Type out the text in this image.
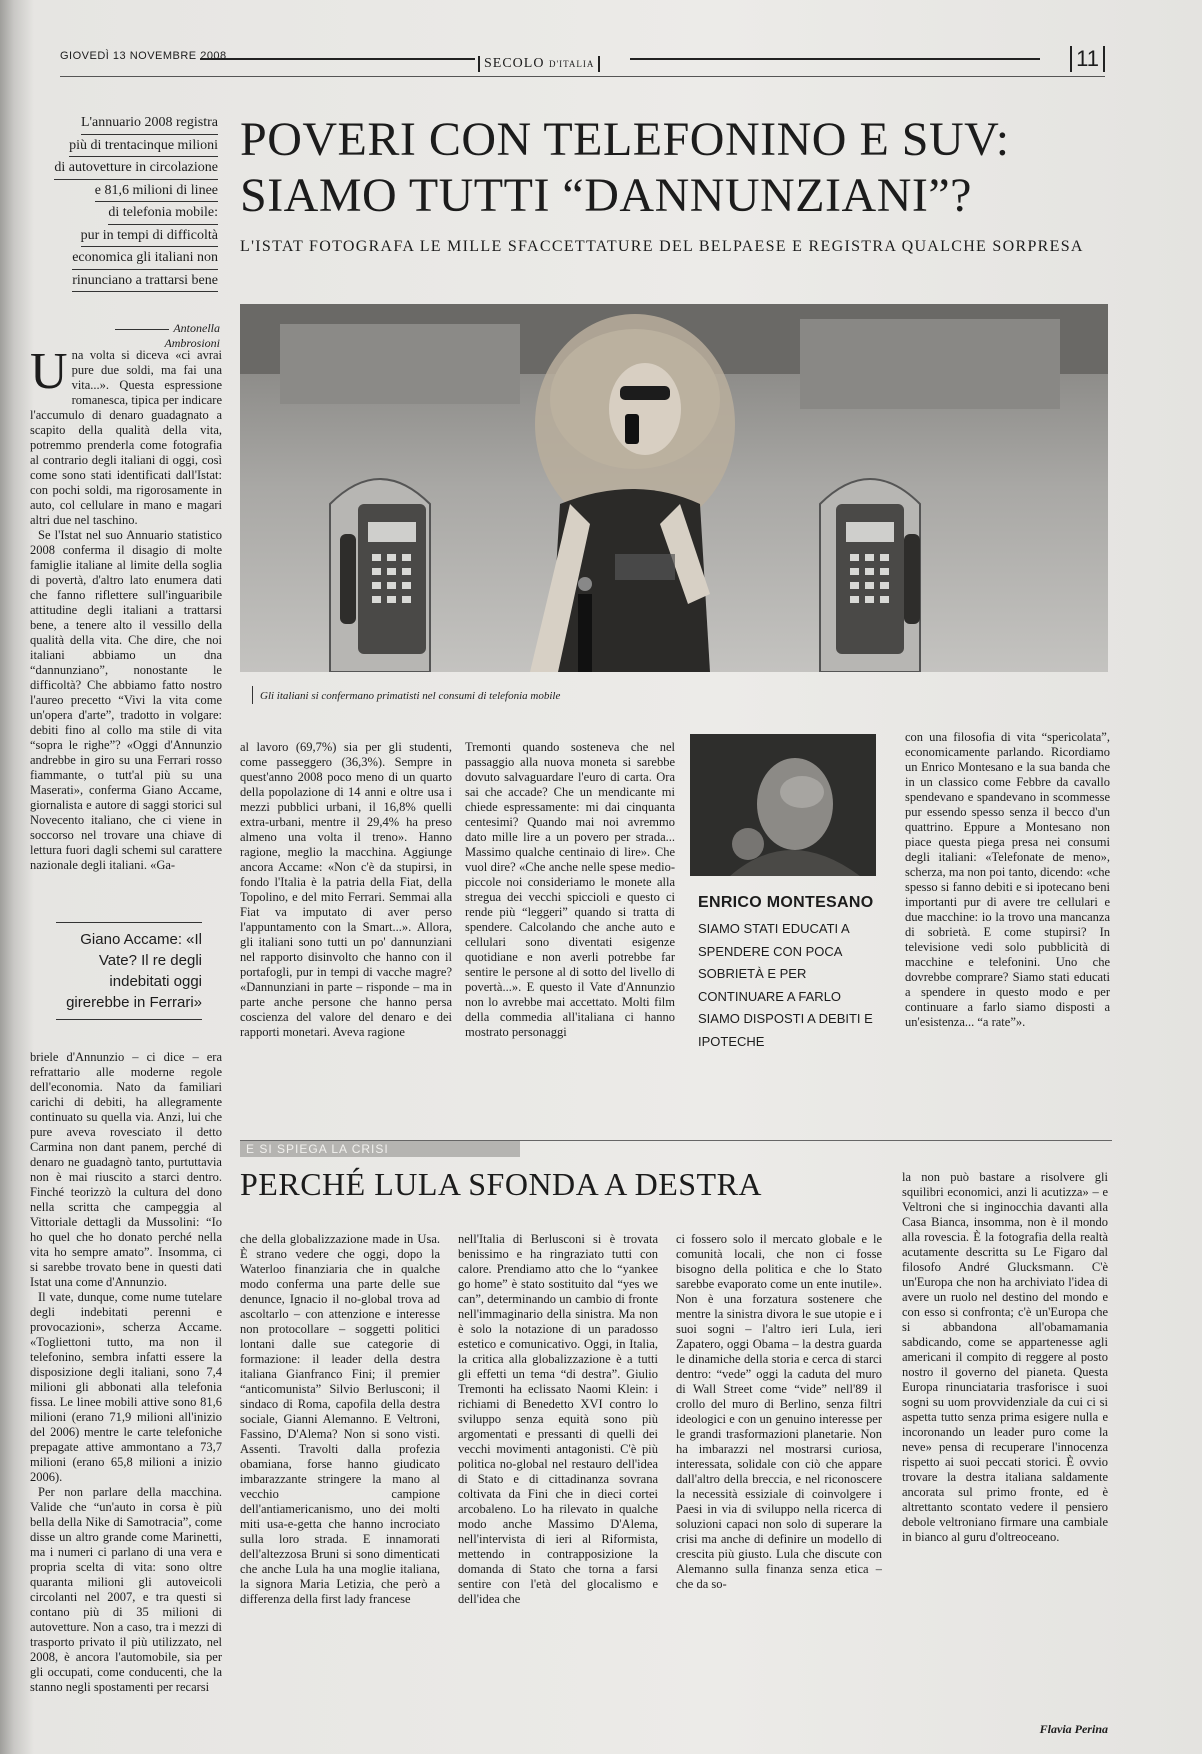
GIOVEDÌ 13 NOVEMBRE 2008	SECOLO D'ITALIA	11
L'annuario 2008 registra
più di trentacinque milioni
di autovetture in circolazione
e 81,6 milioni di linee
di telefonia mobile:
pur in tempi di difficoltà
economica gli italiani non
rinunciano a trattarsi bene
Antonella Ambrosioni
POVERI CON TELEFONINO E SUV:
SIAMO TUTTI “DANNUNZIANI”?
L'ISTAT FOTOGRAFA LE MILLE SFACCETTATURE DEL BELPAESE E REGISTRA QUALCHE SORPRESA
Gli italiani si confermano primatisti nel consumi di telefonia mobile
U na volta si diceva «ci avrai pure due soldi, ma fai una vita...». Questa espressione romanesca, tipica per indicare l'accumulo di denaro guadagnato a scapito della qualità della vita, potremmo prenderla come fotografia al contrario degli italiani di oggi, così come sono stati identificati dall'Istat: con pochi soldi, ma rigorosamente in auto, col cellulare in mano e magari altri due nel taschino.

Se l'Istat nel suo Annuario statistico 2008 conferma il disagio di molte famiglie italiane al limite della soglia di povertà, d'altro lato enumera dati che fanno riflettere sull'inguaribile attitudine degli italiani a trattarsi bene, a tenere alto il vessillo della qualità della vita. Che dire, che noi italiani abbiamo un dna “dannunziano”, nonostante le difficoltà? Che abbiamo fatto nostro l'aureo precetto “Vivi la vita come un'opera d'arte”, tradotto in volgare: debiti fino al collo ma stile di vita “sopra le righe”? «Oggi d'Annunzio andrebbe in giro su una Ferrari rosso fiammante, o tutt'al più su una Maserati», conferma Giano Accame, giornalista e autore di saggi storici sul Novecento italiano, che ci viene in soccorso nel trovare una chiave di lettura fuori dagli schemi sul carattere nazionale degli italiani. «Ga-

Giano Accame: «Il Vate? Il re degli indebitati oggi girerebbe in Ferrari»

briele d'Annunzio – ci dice – era refrattario alle moderne regole dell'economia. Nato da familiari carichi di debiti, ha allegramente continuato su quella via. Anzi, lui che pure aveva rovesciato il detto Carmina non dant panem, perché di denaro ne guadagnò tanto, purtuttavia non è mai riuscito a starci dentro. Finché teorizzò la cultura del dono nella scritta che campeggia al Vittoriale dettagli da Mussolini: “Io ho quel che ho donato perché nella vita ho sempre amato”. Insomma, ci si sarebbe trovato bene in questi dati Istat una come d'Annunzio.

Il vate, dunque, come nume tutelare degli indebitati perenni e provocazioni», scherza Accame. «Togliettoni tutto, ma non il telefonino, sembra infatti essere la disposizione degli italiani, sono 7,4 milioni gli abbonati alla telefonia fissa. Le linee mobili attive sono 81,6 milioni (erano 71,9 milioni all'inizio del 2006) mentre le carte telefoniche prepagate attive ammontano a 73,7 milioni (erano 65,8 milioni a inizio 2006).

Per non parlare della macchina. Valide che “un'auto in corsa è più bella della Nike di Samotracia”, come disse un altro grande come Marinetti, ma i numeri ci parlano di una vera e propria scelta di vita: sono oltre quaranta milioni gli autoveicoli circolanti nel 2007, e tra questi si contano più di 35 milioni di autovetture. Non a caso, tra i mezzi di trasporto privato il più utilizzato, nel 2008, è ancora l'automobile, sia per gli occupati, come conducenti, che la stanno negli spostamenti per recarsi

al lavoro (69,7%) sia per gli studenti, come passeggero (36,3%). Sempre in quest'anno 2008 poco meno di un quarto della popolazione di 14 anni e oltre usa i mezzi pubblici urbani, il 16,8% quelli extra-urbani, mentre il 29,4% ha preso almeno una volta il treno». Hanno ragione, meglio la macchina. Aggiunge ancora Accame: «Non c'è da stupirsi, in fondo l'Italia è la patria della Fiat, della Topolino, e del mito Ferrari. Semmai alla Fiat va imputato di aver perso l'appuntamento con la Smart...». Allora, gli italiani sono tutti un po' dannunziani nel rapporto disinvolto che hanno con il portafogli, pur in tempi di vacche magre? «Dannunziani in parte – risponde – ma in parte anche persone che hanno persa coscienza del valore del denaro e dei rapporti monetari. Aveva ragione

Tremonti quando sosteneva che nel passaggio alla nuova moneta si sarebbe dovuto salvaguardare l'euro di carta. Ora sai che accade? Che un mendicante mi chiede espressamente: mi dai cinquanta centesimi? Quando mai noi avremmo dato mille lire a un povero per strada... Massimo qualche centinaio di lire». Che vuol dire? «Che anche nelle spese medio-piccole noi consideriamo le monete alla stregua dei vecchi spiccioli e questo ci rende più “leggeri” quando si tratta di spendere. Calcolando che anche auto e cellulari sono diventati esigenze quotidiane e non averli potrebbe far sentire le persone al di sotto del livello di povertà...». E questo il Vate d'Annunzio non lo avrebbe mai accettato. Molti film della commedia all'italiana ci hanno mostrato personaggi

ENRICO MONTESANO
SIAMO STATI EDUCATI A SPENDERE CON POCA SOBRIETÀ E PER CONTINUARE A FARLO SIAMO DISPOSTI A DEBITI E IPOTECHE

con una filosofia di vita “spericolata”, economicamente parlando. Ricordiamo un Enrico Montesano e la sua banda che in un classico come Febbre da cavallo spendevano e spandevano in scommesse pur essendo spesso senza il becco d'un quattrino. Eppure a Montesano non piace questa piega presa nei consumi degli italiani: «Telefonate de meno», scherza, ma non poi tanto, dicendo: «che spesso si fanno debiti e si ipotecano beni importanti pur di avere tre cellulari e due macchine: io la trovo una mancanza di sobrietà. E come stupirsi? In televisione vedi solo pubblicità di macchine e telefonini. Uno che dovrebbe comprare? Siamo stati educati a spendere in questo modo e per continuare a farlo siamo disposti a un'esistenza... “a rate”».

E SI SPIEGA LA CRISI
PERCHÉ LULA SFONDA A DESTRA

che della globalizzazione made in Usa. È strano vedere che oggi, dopo la Waterloo finanziaria che in qualche modo conferma una parte delle sue denunce, Ignacio il no-global trova ad ascoltarlo – con attenzione e interesse non protocollare – soggetti politici lontani dalle sue categorie di formazione: il leader della destra italiana Gianfranco Fini; il premier “anticomunista” Silvio Berlusconi; il sindaco di Roma, capofila della destra sociale, Gianni Alemanno. E Veltroni, Fassino, D'Alema? Non si sono visti. Assenti. Travolti dalla profezia obamiana, forse hanno giudicato imbarazzante stringere la mano al vecchio campione dell'antiamericanismo, uno dei molti miti usa-e-getta che hanno incrociato sulla loro strada. E innamorati dell'altezzosa Bruni si sono dimenticati che anche Lula ha una moglie italiana, la signora Maria Letizia, che però a differenza della first lady francese

nell'Italia di Berlusconi si è trovata benissimo e ha ringraziato tutti con calore. Prendiamo atto che lo “yankee go home” è stato sostituito dal “yes we can”, determinando un cambio di fronte nell'immaginario della sinistra. Ma non è solo la notazione di un paradosso estetico e comunicativo. Oggi, in Italia, la critica alla globalizzazione è a tutti gli effetti un tema “di destra”. Giulio Tremonti ha eclissato Naomi Klein: i richiami di Benedetto XVI contro lo sviluppo senza equità sono più argomentati e pressanti di quelli dei vecchi movimenti antagonisti. C'è più politica no-global nel restauro dell'idea di Stato e di cittadinanza sovrana coltivata da Fini che in dieci cortei arcobaleno. Lo ha rilevato in qualche modo anche Massimo D'Alema, nell'intervista di ieri al Riformista, mettendo in contrapposizione la domanda di Stato che torna a farsi sentire con l'età del glocalismo e dell'idea che

ci fossero solo il mercato globale e le comunità locali, che non ci fosse bisogno della politica e che lo Stato sarebbe evaporato come un ente inutile». Non è una forzatura sostenere che mentre la sinistra divora le sue utopie e i suoi sogni – l'altro ieri Lula, ieri Zapatero, oggi Obama – la destra guarda le dinamiche della storia e cerca di starci dentro: “vede” oggi la caduta del muro di Wall Street come “vide” nell'89 il crollo del muro di Berlino, senza filtri ideologici e con un genuino interesse per le grandi trasformazioni planetarie. Non ha imbarazzi nel mostrarsi curiosa, interessata, solidale con ciò che appare dall'altro della breccia, e nel riconoscere la necessità essiziale di coinvolgere i Paesi in via di sviluppo nella ricerca di soluzioni capaci non solo di superare la crisi ma anche di definire un modello di crescita più giusto. Lula che discute con Alemanno sulla finanza senza etica – che da so-

la non può bastare a risolvere gli squilibri economici, anzi li acutizza» – e Veltroni che si inginocchia davanti alla Casa Bianca, insomma, non è il mondo alla rovescia. È la fotografia della realtà acutamente descritta su Le Figaro dal filosofo André Glucksmann. C'è un'Europa che non ha archiviato l'idea di avere un ruolo nel destino del mondo e con esso si confronta; c'è un'Europa che si abbandona all'obamamania sabdicando, come se appartenesse agli americani il compito di reggere al posto nostro il governo del pianeta. Questa Europa rinunciataria trasforisce i suoi sogni su uom provvidenziale da cui ci si aspetta tutto senza prima esigere nulla e incoronando un leader puro come la neve» pensa di recuperare l'innocenza rispetto ai suoi peccati storici. È ovvio trovare la destra italiana saldamente ancorata sul primo fronte, ed è altrettanto scontato vedere il pensiero debole veltroniano firmare una cambiale in bianco al guru d'oltreoceano.

Flavia Perina
